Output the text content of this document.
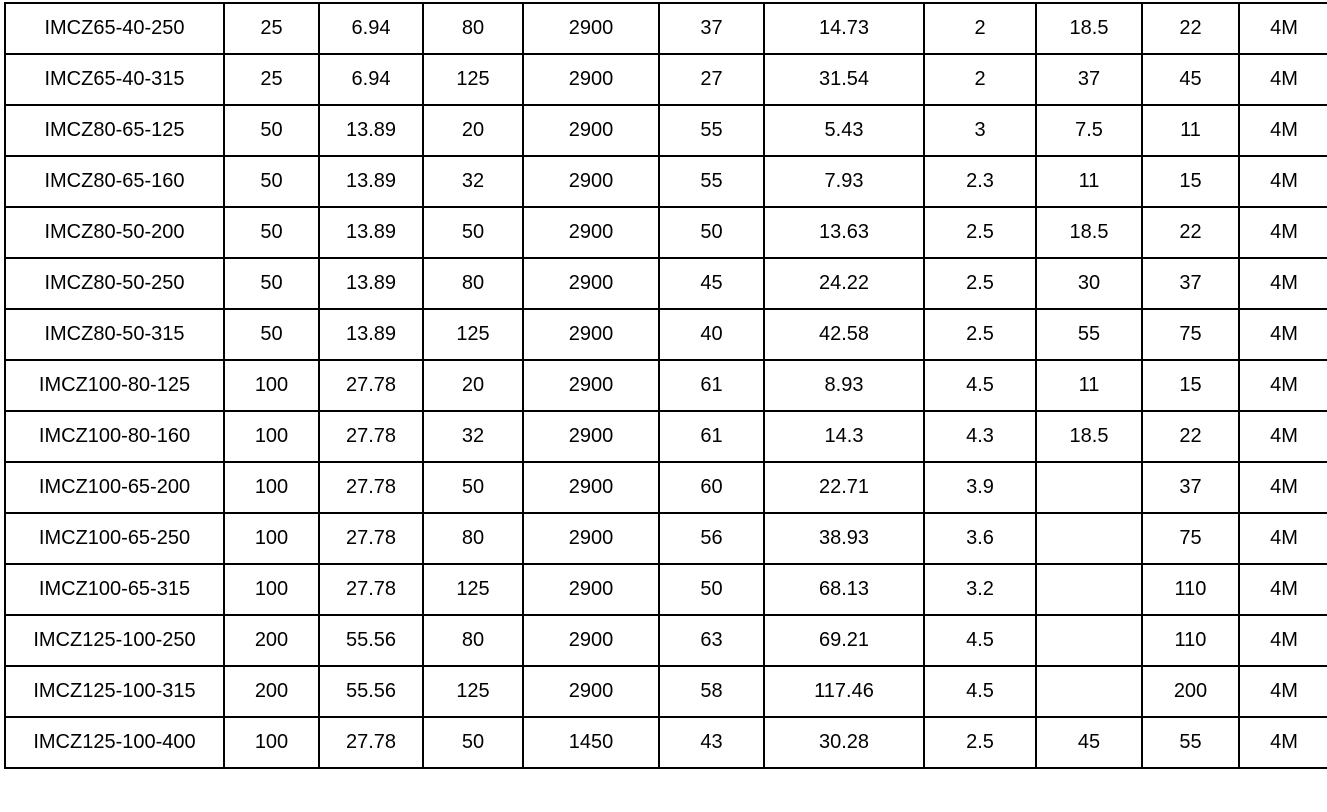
IMCZ65-40-250	25	6.94	80	2900	37	14.73	2	18.5	22	4M
IMCZ65-40-315	25	6.94	125	2900	27	31.54	2	37	45	4M
IMCZ80-65-125	50	13.89	20	2900	55	5.43	3	7.5	11	4M
IMCZ80-65-160	50	13.89	32	2900	55	7.93	2.3	11	15	4M
IMCZ80-50-200	50	13.89	50	2900	50	13.63	2.5	18.5	22	4M
IMCZ80-50-250	50	13.89	80	2900	45	24.22	2.5	30	37	4M
IMCZ80-50-315	50	13.89	125	2900	40	42.58	2.5	55	75	4M
IMCZ100-80-125	100	27.78	20	2900	61	8.93	4.5	11	15	4M
IMCZ100-80-160	100	27.78	32	2900	61	14.3	4.3	18.5	22	4M
IMCZ100-65-200	100	27.78	50	2900	60	22.71	3.9		37	4M
IMCZ100-65-250	100	27.78	80	2900	56	38.93	3.6		75	4M
IMCZ100-65-315	100	27.78	125	2900	50	68.13	3.2		110	4M
IMCZ125-100-250	200	55.56	80	2900	63	69.21	4.5		110	4M
IMCZ125-100-315	200	55.56	125	2900	58	117.46	4.5		200	4M
IMCZ125-100-400	100	27.78	50	1450	43	30.28	2.5	45	55	4M
